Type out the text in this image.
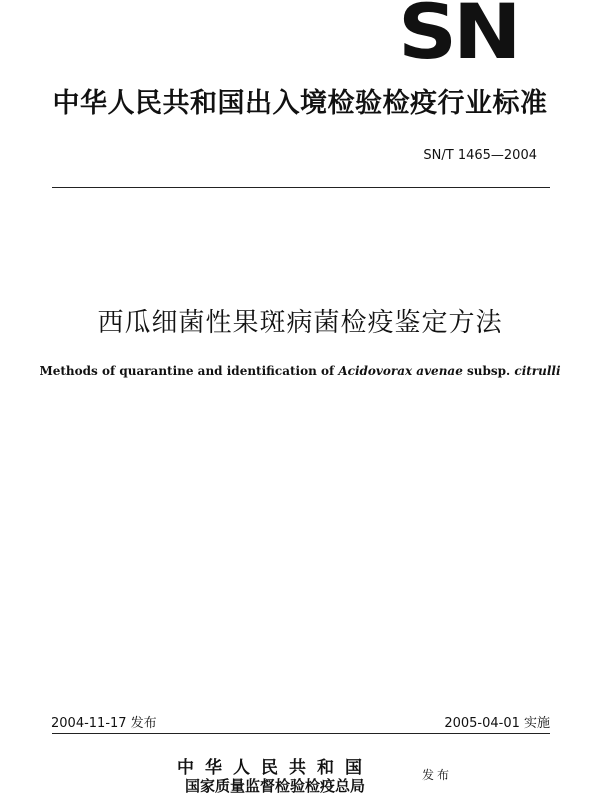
SN
中华人民共和国出入境检验检疫行业标准
SN/T 1465—2004
西瓜细菌性果斑病菌检疫鉴定方法
Methods of quarantine and identification of Acidovorax avenae subsp. citrulli
2004-11-17 发布	2005-04-01 实施
中华人民共和国
国家质量监督检验检疫总局
发布
